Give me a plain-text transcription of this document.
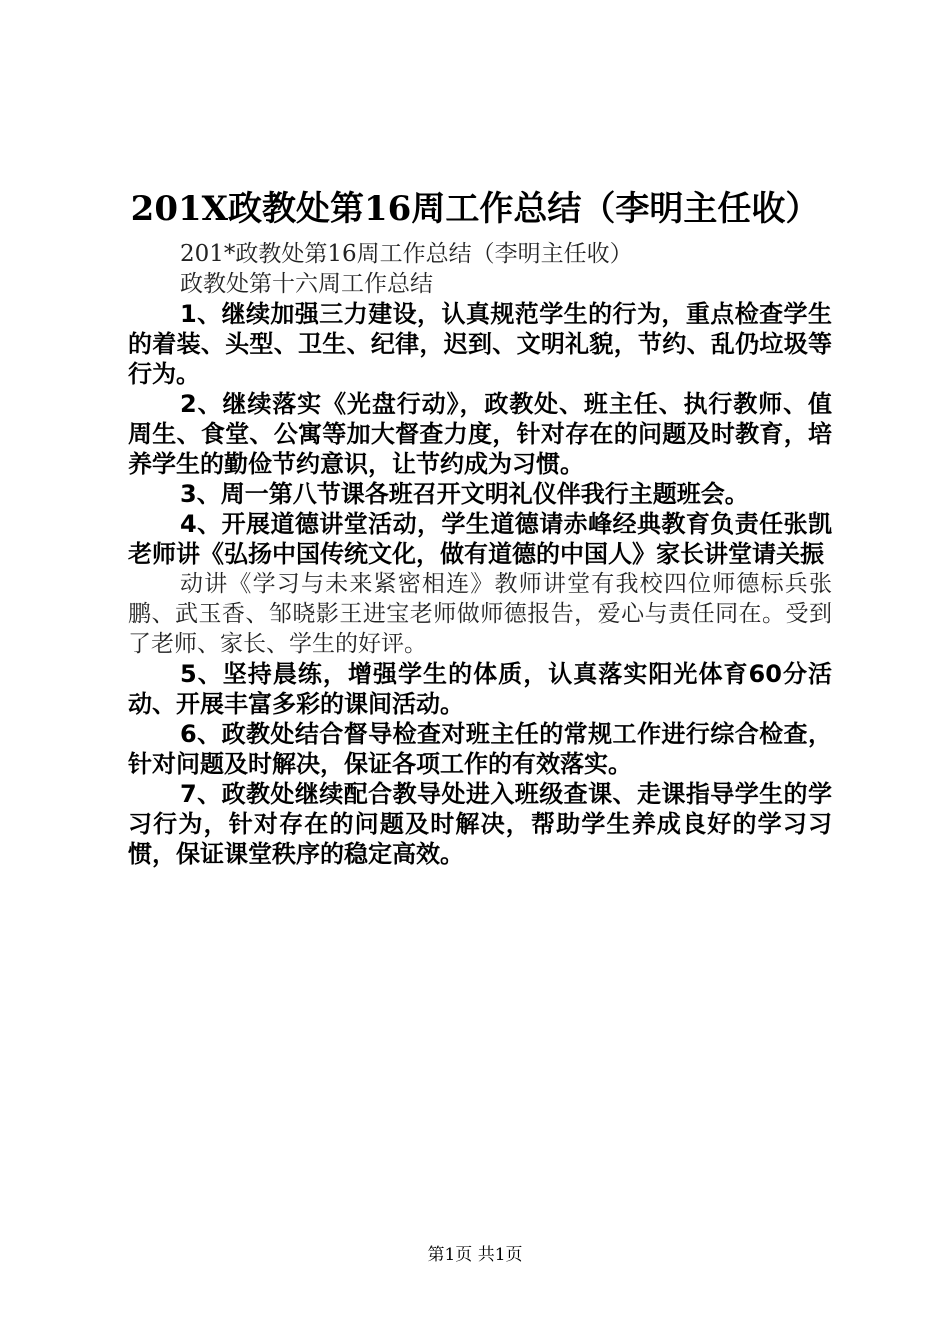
201X政教处第16周工作总结（李明主任收）

201*政教处第16周工作总结（李明主任收）

政教处第十六周工作总结

1、继续加强三力建设，认真规范学生的行为，重点检查学生的着装、头型、卫生、纪律，迟到、文明礼貌，节约、乱仍垃圾等行为。

2、继续落实《光盘行动》，政教处、班主任、执行教师、值周生、食堂、公寓等加大督查力度，针对存在的问题及时教育，培养学生的勤俭节约意识，让节约成为习惯。

3、周一第八节课各班召开文明礼仪伴我行主题班会。

4、开展道德讲堂活动，学生道德请赤峰经典教育负责任张凯老师讲《弘扬中国传统文化，做有道德的中国人》家长讲堂请关振

动讲《学习与未来紧密相连》教师讲堂有我校四位师德标兵张鹏、武玉香、邹晓影王进宝老师做师德报告，爱心与责任同在。受到了老师、家长、学生的好评。

5、坚持晨练，增强学生的体质，认真落实阳光体育60分活动、开展丰富多彩的课间活动。

6、政教处结合督导检查对班主任的常规工作进行综合检查，针对问题及时解决，保证各项工作的有效落实。

7、政教处继续配合教导处进入班级查课、走课指导学生的学习行为，针对存在的问题及时解决，帮助学生养成良好的学习习惯，保证课堂秩序的稳定高效。

第1页 共1页
